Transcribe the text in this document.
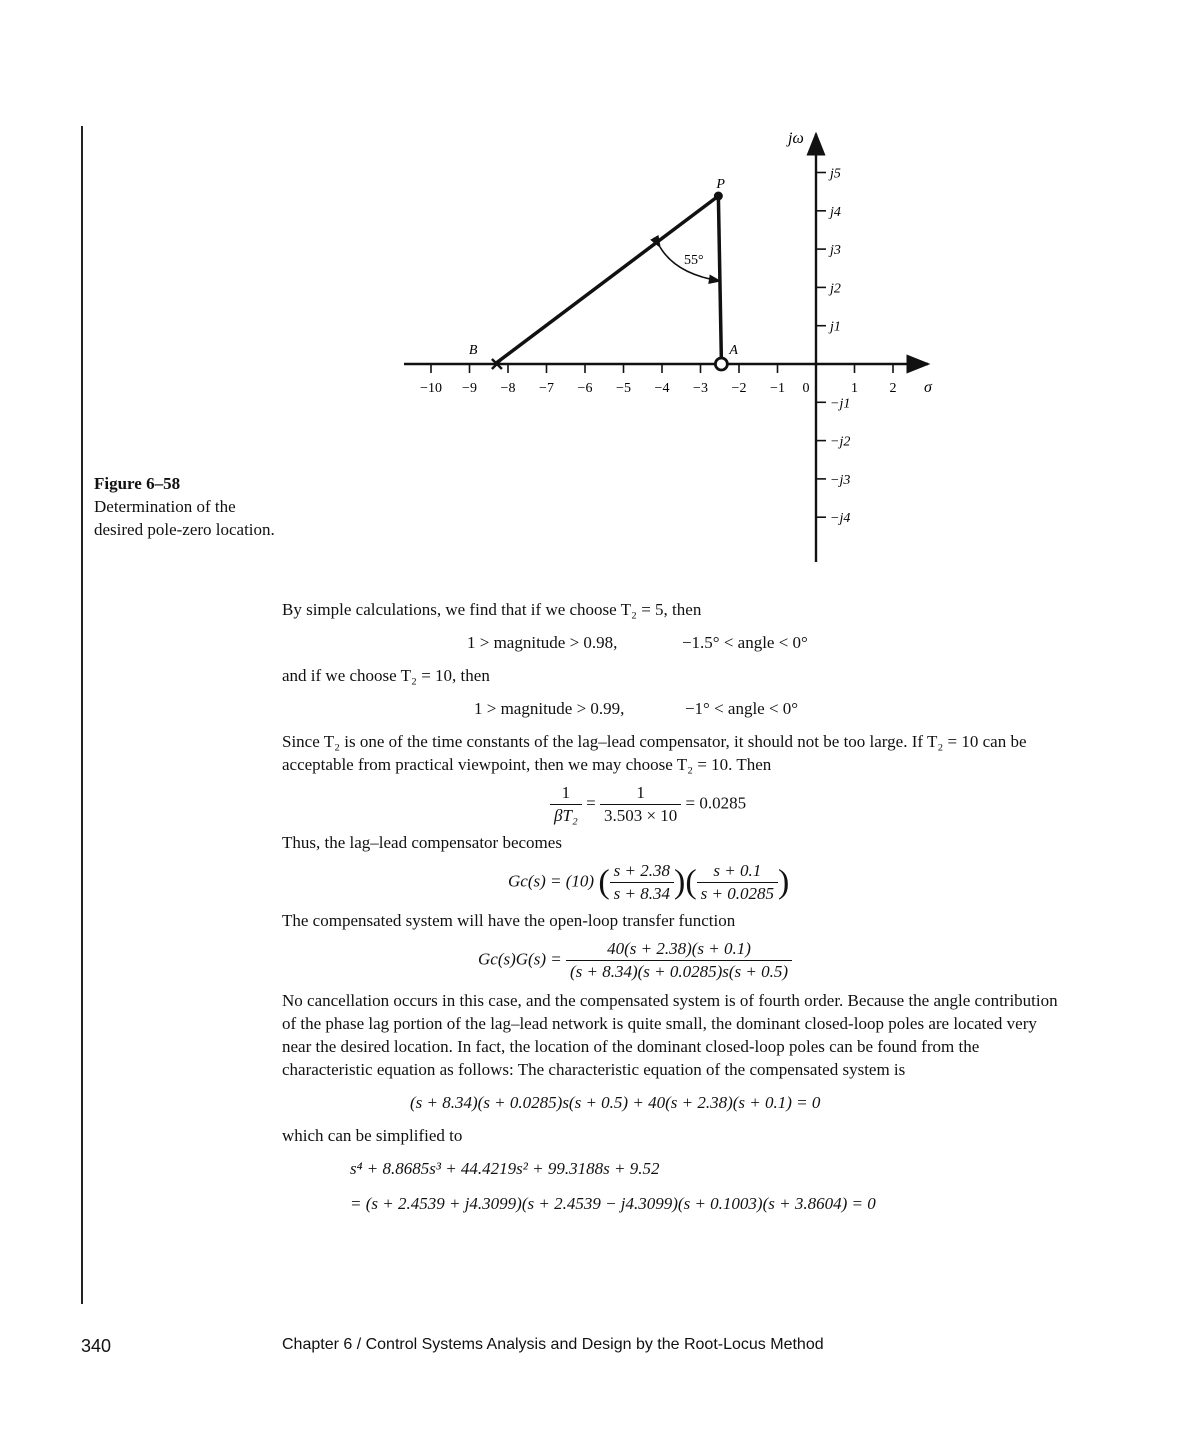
−10 −9 −8 −7 −6 −5 −4 −3 −2 −1 0	1 2
j5
j4
j3
j2
j1
−j1
−j2
−j3
−j4
σ
jω
55°
P
A
B
Figure 6–58
Determination of the desired pole-zero location.

By simple calculations, we find that if we choose T₂ = 5, then

1 > magnitude > 0.98,	−1.5° < angle < 0°

and if we choose T₂ = 10, then

1 > magnitude > 0.99,	−1° < angle < 0°

Since T₂ is one of the time constants of the lag–lead compensator, it should not be too large. If T₂ = 10 can be acceptable from practical viewpoint, then we may choose T₂ = 10. Then

$\frac{1}{\text{βT₂}} = \frac{1}{3.503 \times 10} = 0.0285$

Thus, the lag–lead compensator becomes

Gc(s) = (10) ( $\frac{s + 2.38}{s + 8.34}$ )( $\frac{s + 0.1}{s + 0.0285}$ )

The compensated system will have the open-loop transfer function

$Gc(s)G(s) = \frac{40(s + 2.38)(s + 0.1)}{(s + 8.34)(s + 0.0285)s(s + 0.5)}$

No cancellation occurs in this case, and the compensated system is of fourth order. Because the angle contribution of the phase lag portion of the lag–lead network is quite small, the dominant closed-loop poles are located very near the desired location. In fact, the location of the dominant closed-loop poles can be found from the characteristic equation as follows: The characteristic equation of the compensated system is

(s + 8.34)(s + 0.0285)s(s + 0.5) + 40(s + 2.38)(s + 0.1) = 0

which can be simplified to

s⁴ + 8.8685s³ + 44.4219s² + 99.3188s + 9.52
= (s + 2.4539 + j4.3099)(s + 2.4539 − j4.3099)(s + 0.1003)(s + 3.8604) = 0
340	Chapter 6 / Control Systems Analysis and Design by the Root-Locus Method
